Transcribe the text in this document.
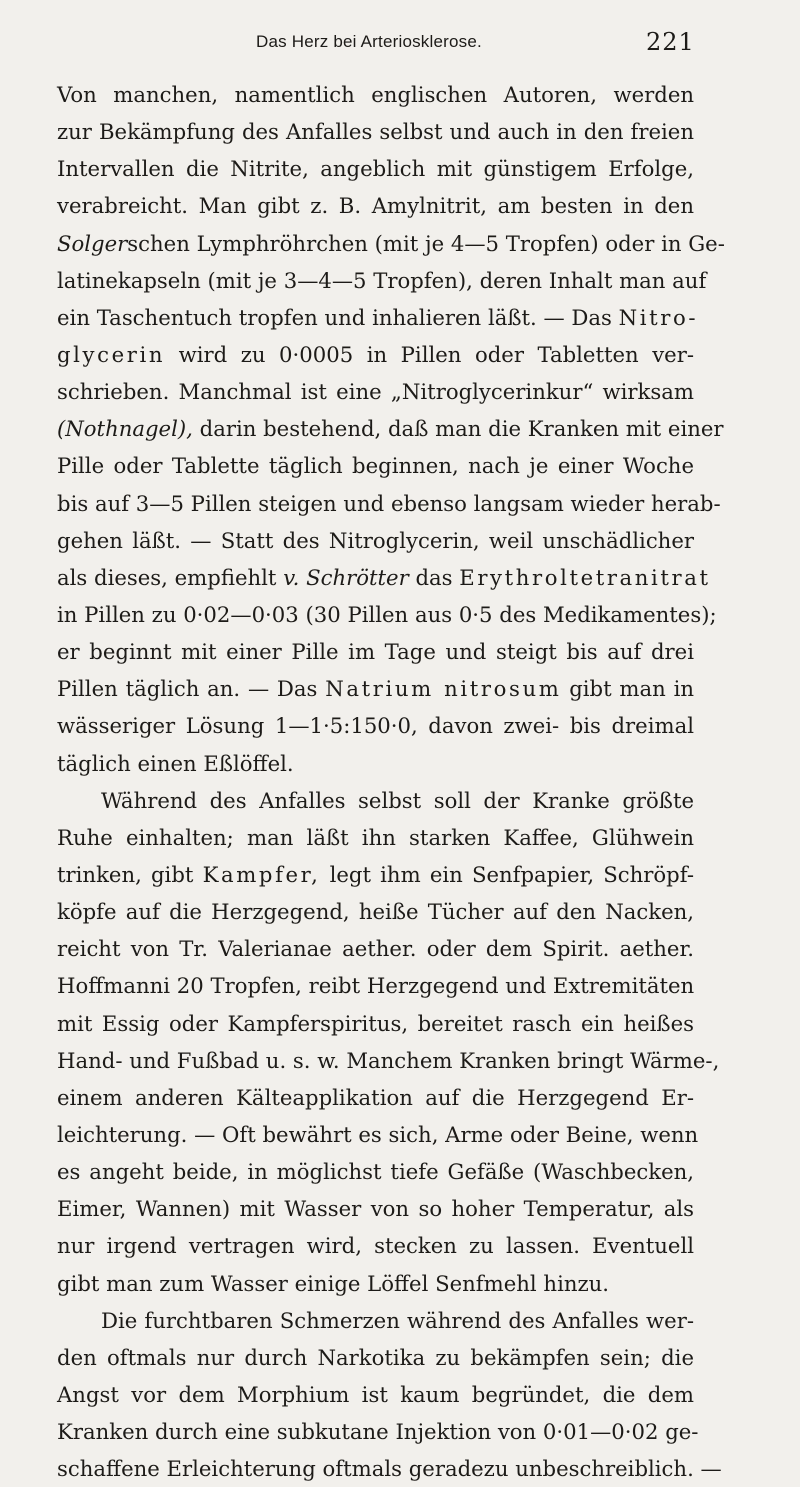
Das Herz bei Arteriosklerose.	221
Von manchen, namentlich englischen Autoren, werden
zur Bekämpfung des Anfalles selbst und auch in den freien
Intervallen die Nitrite, angeblich mit günstigem Erfolge,
verabreicht. Man gibt z. B. Amylnitrit, am besten in den
Solgerschen Lymphröhrchen (mit je 4—5 Tropfen) oder in Ge-
latinekapseln (mit je 3—4—5 Tropfen), deren Inhalt man auf
ein Taschentuch tropfen und inhalieren läßt. — Das Nitro-
glycerin wird zu 0·0005 in Pillen oder Tabletten ver-
schrieben. Manchmal ist eine „Nitroglycerinkur“ wirksam
(Nothnagel), darin bestehend, daß man die Kranken mit einer
Pille oder Tablette täglich beginnen, nach je einer Woche
bis auf 3—5 Pillen steigen und ebenso langsam wieder herab-
gehen läßt. — Statt des Nitroglycerin, weil unschädlicher
als dieses, empfiehlt v. Schrötter das Erythroltetranitrat
in Pillen zu 0·02—0·03 (30 Pillen aus 0·5 des Medikamentes);
er beginnt mit einer Pille im Tage und steigt bis auf drei
Pillen täglich an. — Das Natrium nitrosum gibt man in
wässeriger Lösung 1—1·5:150·0, davon zwei- bis dreimal
täglich einen Eßlöffel.
Während des Anfalles selbst soll der Kranke größte
Ruhe einhalten; man läßt ihn starken Kaffee, Glühwein
trinken, gibt Kampfer, legt ihm ein Senfpapier, Schröpf-
köpfe auf die Herzgegend, heiße Tücher auf den Nacken,
reicht von Tr. Valerianae aether. oder dem Spirit. aether.
Hoffmanni 20 Tropfen, reibt Herzgegend und Extremitäten
mit Essig oder Kampferspiritus, bereitet rasch ein heißes
Hand- und Fußbad u. s. w. Manchem Kranken bringt Wärme-,
einem anderen Kälteapplikation auf die Herzgegend Er-
leichterung. — Oft bewährt es sich, Arme oder Beine, wenn
es angeht beide, in möglichst tiefe Gefäße (Waschbecken,
Eimer, Wannen) mit Wasser von so hoher Temperatur, als
nur irgend vertragen wird, stecken zu lassen. Eventuell
gibt man zum Wasser einige Löffel Senfmehl hinzu.
Die furchtbaren Schmerzen während des Anfalles wer-
den oftmals nur durch Narkotika zu bekämpfen sein; die
Angst vor dem Morphium ist kaum begründet, die dem
Kranken durch eine subkutane Injektion von 0·01—0·02 ge-
schaffene Erleichterung oftmals geradezu unbeschreiblich. —
